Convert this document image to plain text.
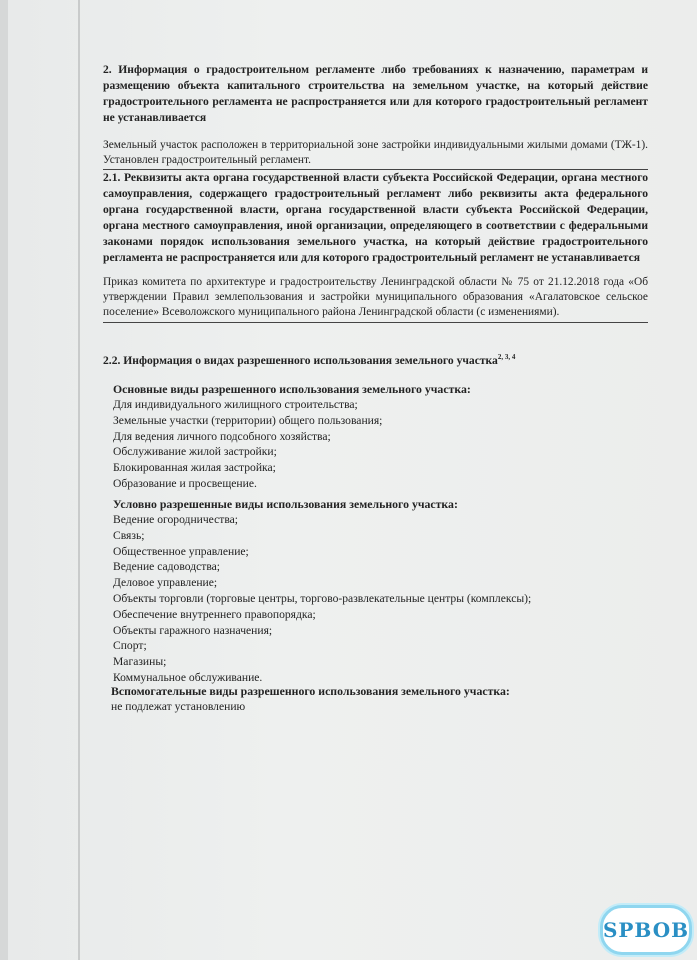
2. Информация о градостроительном регламенте либо требованиях к назначению, параметрам и размещению объекта капитального строительства на земельном участке, на который действие градостроительного регламента не распространяется или для которого градостроительный регламент не устанавливается

Земельный участок расположен в территориальной зоне застройки индивидуальными жилыми домами (ТЖ-1). Установлен градостроительный регламент.

2.1. Реквизиты акта органа государственной власти субъекта Российской Федерации, органа местного самоуправления, содержащего градостроительный регламент либо реквизиты акта федерального органа государственной власти, органа государственной власти субъекта Российской Федерации, органа местного самоуправления, иной организации, определяющего в соответствии с федеральными законами порядок использования земельного участка, на который действие градостроительного регламента не распространяется или для которого градостроительный регламент не устанавливается

Приказ комитета по архитектуре и градостроительству Ленинградской области № 75 от 21.12.2018 года «Об утверждении Правил землепользования и застройки муниципального образования «Агалатовское сельское поселение» Всеволожского муниципального района Ленинградской области (с изменениями).

2.2. Информация о видах разрешенного использования земельного участка$^{2, 3, 4}$

Основные виды разрешенного использования земельного участка:

Для индивидуального жилищного строительства;

Земельные участки (территории) общего пользования;

Для ведения личного подсобного хозяйства;

Обслуживание жилой застройки;

Блокированная жилая застройка;

Образование и просвещение.

Условно разрешенные виды использования земельного участка:

Ведение огородничества;

Связь;

Общественное управление;

Ведение садоводства;

Деловое управление;

Объекты торговли (торговые центры, торгово-развлекательные центры (комплексы);

Обеспечение внутреннего правопорядка;

Объекты гаражного назначения;

Спорт;

Магазины;

Коммунальное обслуживание.

Вспомогательные виды разрешенного использования земельного участка:

не подлежат установлению

SPBOB
